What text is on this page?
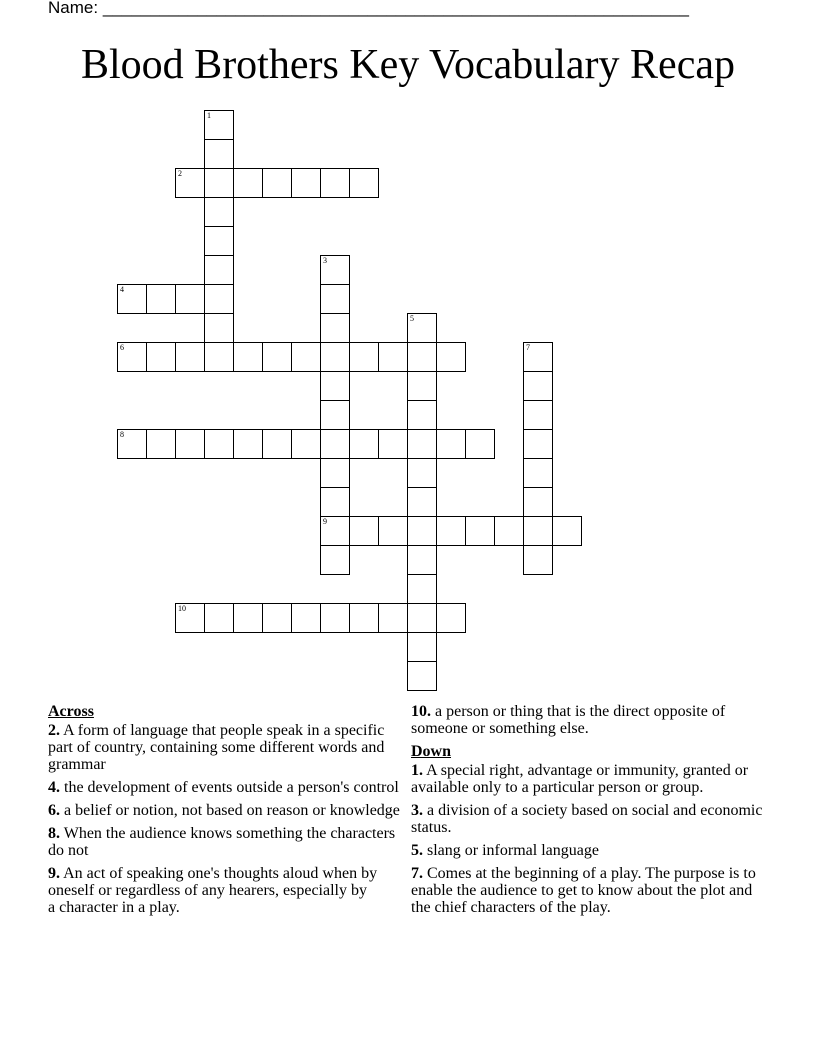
Name: ______________________________________________________________
Blood Brothers Key Vocabulary Recap
1
2
3
9
4
5
6	7
8
10
Across
2. A form of language that people speak in a specific part of country, containing some different words and grammar
4. the development of events outside a person's control
6. a belief or notion, not based on reason or knowledge
8. When the audience knows something the characters do not
9. An act of speaking one's thoughts aloud when by oneself or regardless of any hearers, especially by a character in a play.
10. a person or thing that is the direct opposite of someone or something else.
Down
1. A special right, advantage or immunity, granted or available only to a particular person or group.
3. a division of a society based on social and economic status.
5. slang or informal language
7. Comes at the beginning of a play. The purpose is to enable the audience to get to know about the plot and the chief characters of the play.
